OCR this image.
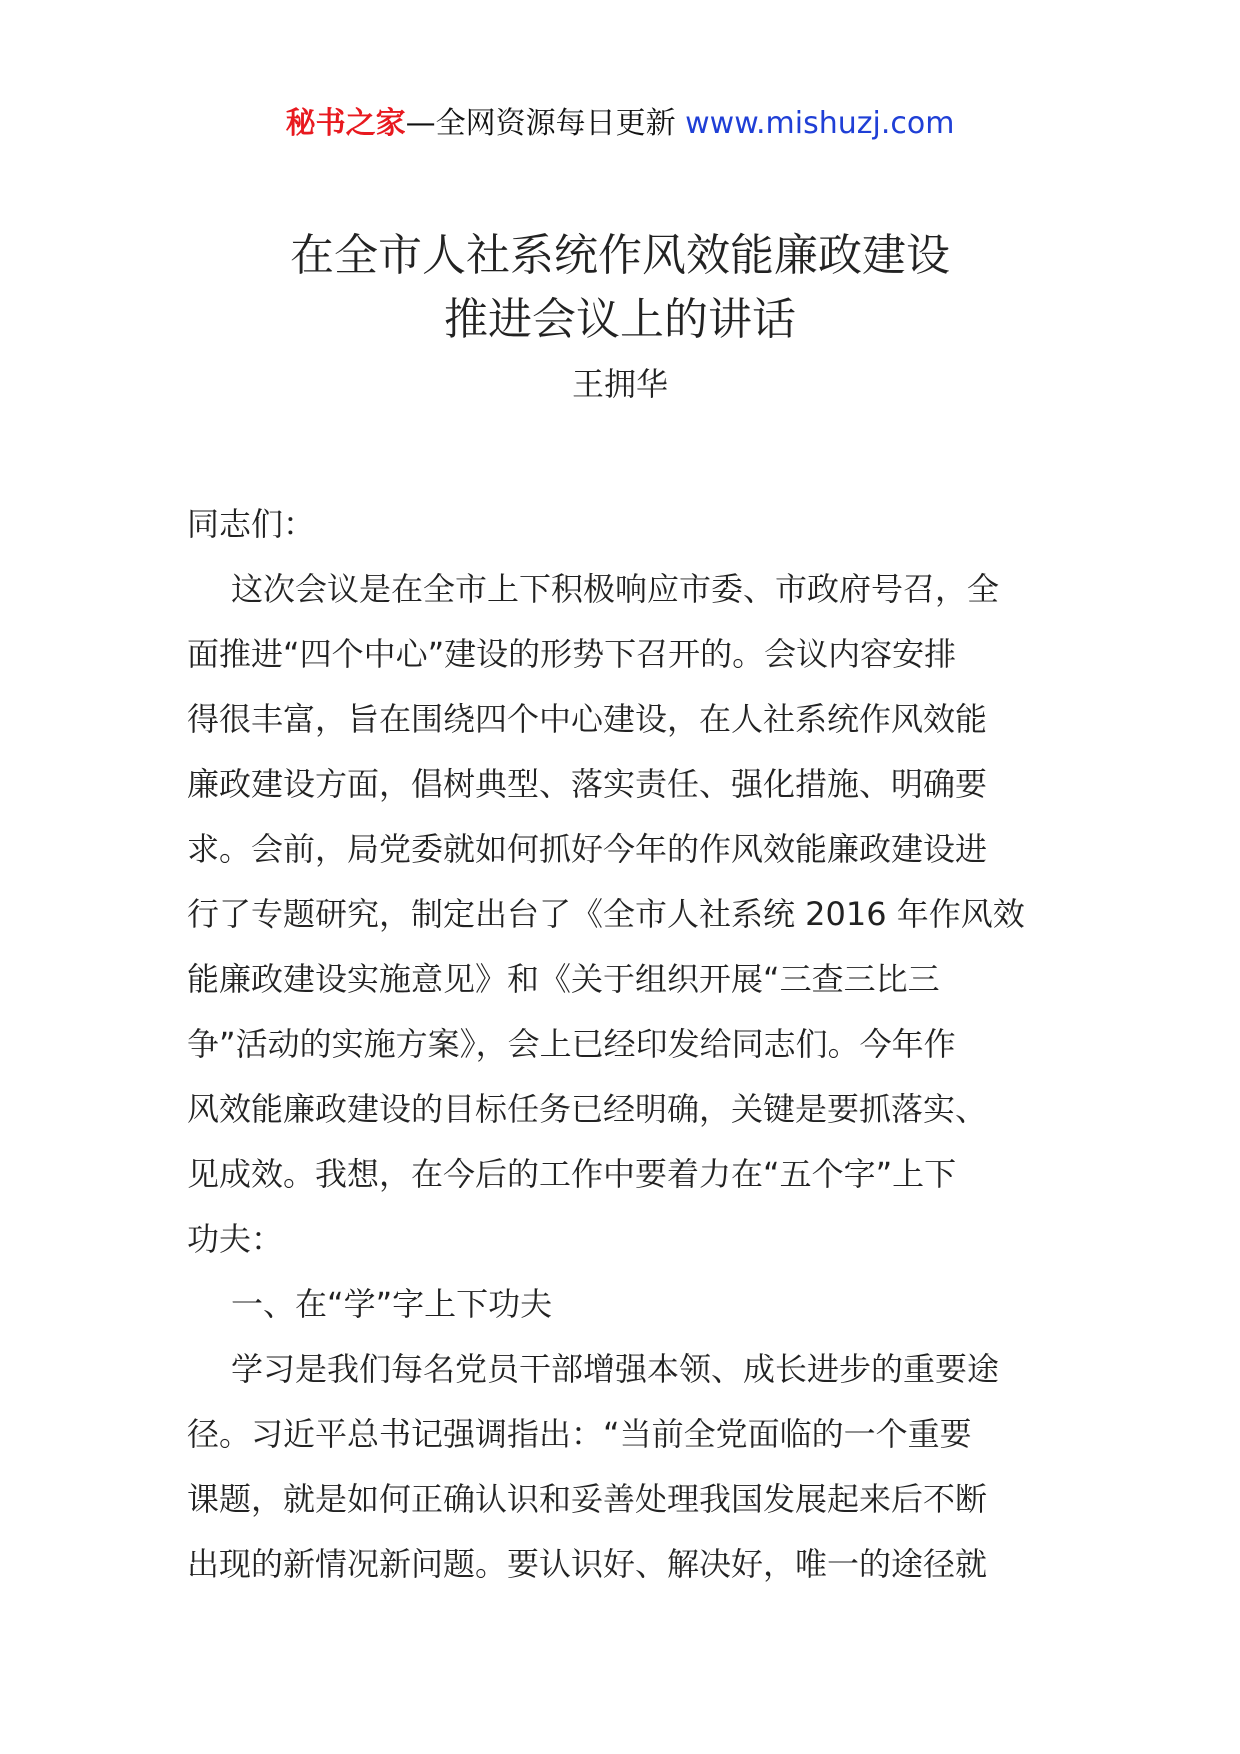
秘书之家—全网资源每日更新 www.mishuzj.com
在全市人社系统作风效能廉政建设
推进会议上的讲话
王拥华
同志们：
这次会议是在全市上下积极响应市委、市政府号召，全
面推进“四个中心”建设的形势下召开的。会议内容安排
得很丰富，旨在围绕四个中心建设，在人社系统作风效能
廉政建设方面，倡树典型、落实责任、强化措施、明确要
求。会前，局党委就如何抓好今年的作风效能廉政建设进
行了专题研究，制定出台了《全市人社系统 2016 年作风效
能廉政建设实施意见》和《关于组织开展“三查三比三
争”活动的实施方案》，会上已经印发给同志们。今年作
风效能廉政建设的目标任务已经明确，关键是要抓落实、
见成效。我想，在今后的工作中要着力在“五个字”上下
功夫：
一、在“学”字上下功夫
学习是我们每名党员干部增强本领、成长进步的重要途
径。习近平总书记强调指出：“当前全党面临的一个重要
课题，就是如何正确认识和妥善处理我国发展起来后不断
出现的新情况新问题。要认识好、解决好，唯一的途径就
